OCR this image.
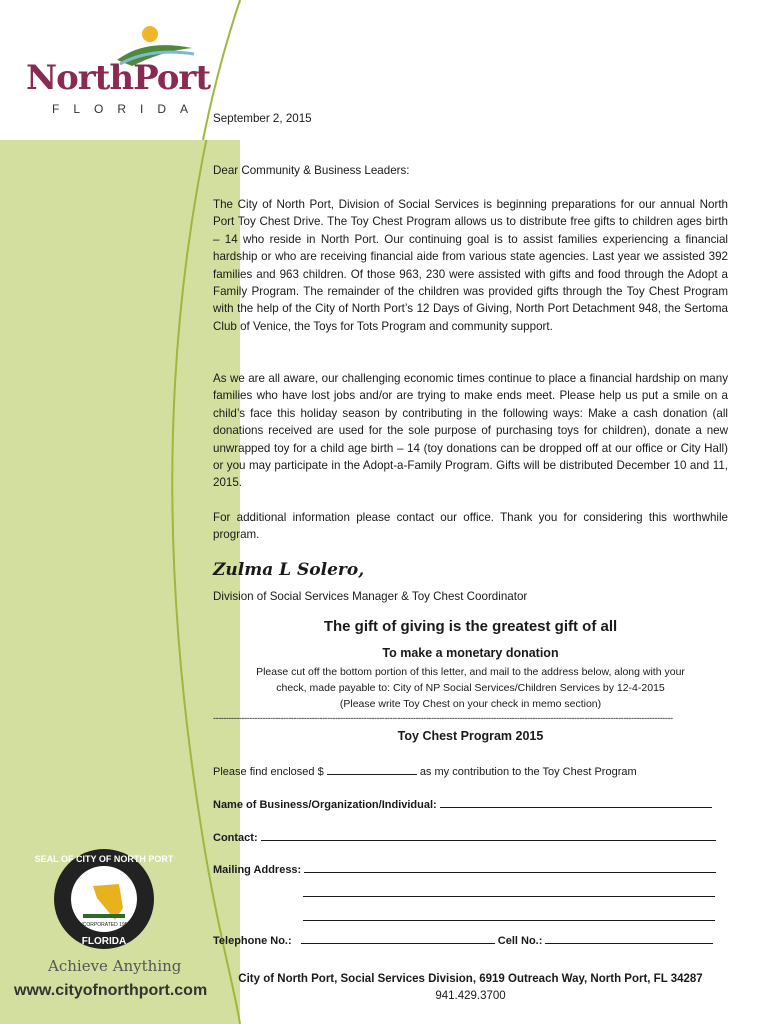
NorthPort
FLORIDA
INCORPORATED 1959
SEAL OF CITY OF NORTH PORT
FLORIDA
Achieve Anything
www.cityofnorthport.com
September 2, 2015
Dear Community & Business Leaders:

The City of North Port, Division of Social Services is beginning preparations for our annual North Port Toy Chest Drive. The Toy Chest Program allows us to distribute free gifts to children ages birth – 14 who reside in North Port. Our continuing goal is to assist families experiencing a financial hardship or who are receiving financial aide from various state agencies. Last year we assisted 392 families and 963 children. Of those 963, 230 were assisted with gifts and food through the Adopt a Family Program. The remainder of the children was provided gifts through the Toy Chest Program with the help of the City of North Port’s 12 Days of Giving, North Port Detachment 948, the Sertoma Club of Venice, the Toys for Tots Program and community support.

As we are all aware, our challenging economic times continue to place a financial hardship on many families who have lost jobs and/or are trying to make ends meet. Please help us put a smile on a child’s face this holiday season by contributing in the following ways: Make a cash donation (all donations received are used for the sole purpose of purchasing toys for children), donate a new unwrapped toy for a child age birth – 14 (toy donations can be dropped off at our office or City Hall) or you may participate in the Adopt-a-Family Program. Gifts will be distributed December 10 and 11, 2015.

For additional information please contact our office. Thank you for considering this worthwhile program.

Zulma L Solero,
Division of Social Services Manager & Toy Chest Coordinator
The gift of giving is the greatest gift of all
To make a monetary donation
Please cut off the bottom portion of this letter, and mail to the address below, along with your
check, made payable to: City of NP Social Services/Children Services by 12-4-2015
(Please write Toy Chest on your check in memo section)
---------------------------------------------------------------------------------------------------------------------------------------------------------------------------------
Toy Chest Program 2015
Please find enclosed $	as my contribution to the Toy Chest Program
Name of Business/Organization/Individual:
Contact:
Mailing Address:
Telephone No.:	Cell No.:
City of North Port, Social Services Division, 6919 Outreach Way, North Port, FL 34287
941.429.3700
